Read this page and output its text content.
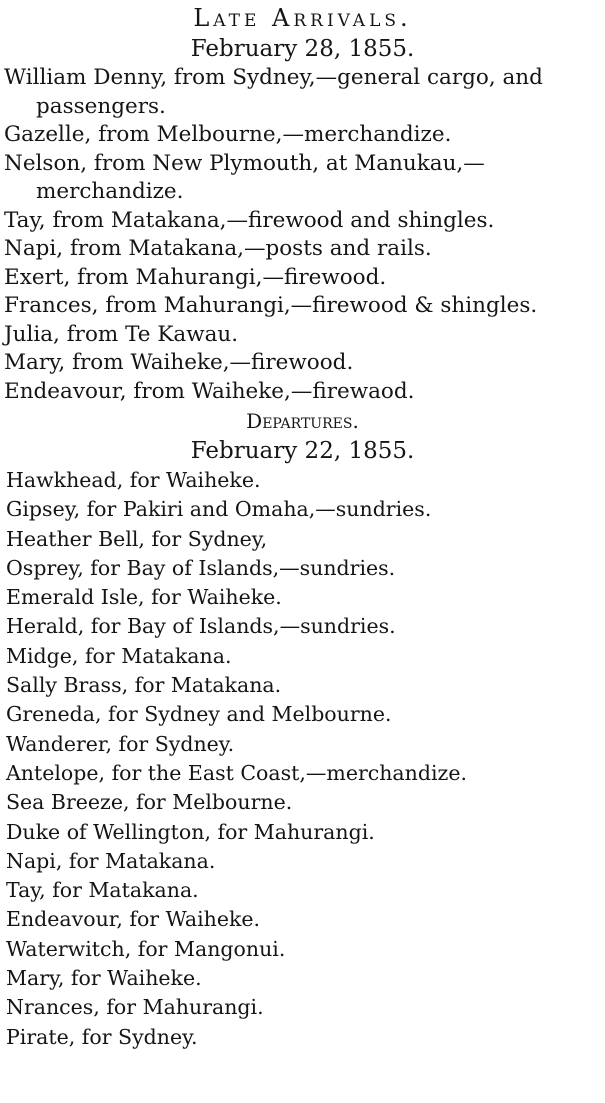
Late Arrivals.
February 28, 1855.

William Denny, from Sydney,—general cargo, and passengers.

Gazelle, from Melbourne,—merchandize.

Nelson, from New Plymouth, at Manukau,—merchandize.

Tay, from Matakana,—firewood and shingles.

Napi, from Matakana,—posts and rails.

Exert, from Mahurangi,—firewood.

Frances, from Mahurangi,—firewood & shingles.

Julia, from Te Kawau.

Mary, from Waiheke,—firewood.

Endeavour, from Waiheke,—firewaod.

Departures.
February 22, 1855.

Hawkhead, for Waiheke.

Gipsey, for Pakiri and Omaha,—sundries.

Heather Bell, for Sydney,

Osprey, for Bay of Islands,—sundries.

Emerald Isle, for Waiheke.

Herald, for Bay of Islands,—sundries.

Midge, for Matakana.

Sally Brass, for Matakana.

Greneda, for Sydney and Melbourne.

Wanderer, for Sydney.

Antelope, for the East Coast,—merchandize.

Sea Breeze, for Melbourne.

Duke of Wellington, for Mahurangi.

Napi, for Matakana.

Tay, for Matakana.

Endeavour, for Waiheke.

Waterwitch, for Mangonui.

Mary, for Waiheke.

Nrances, for Mahurangi.

Pirate, for Sydney.
